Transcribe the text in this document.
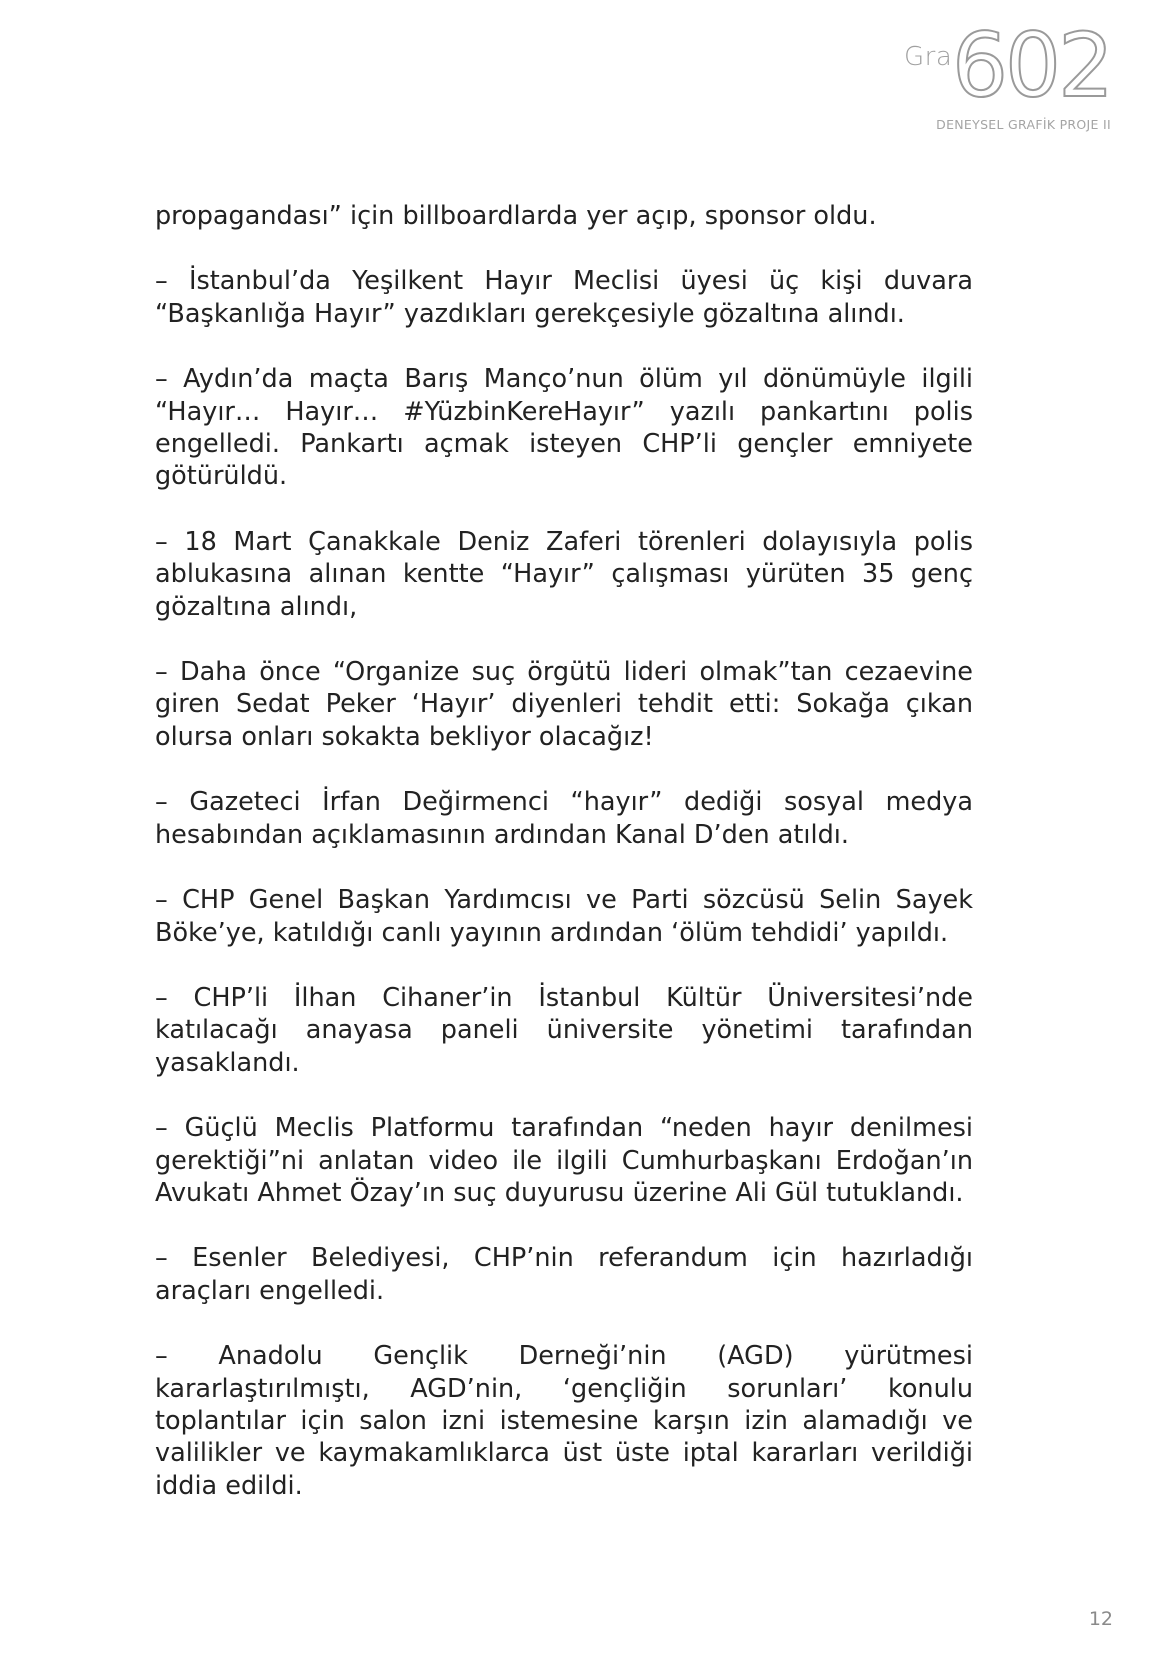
Gra 602
DENEYSEL GRAFİK PROJE II

propagandası” için billboardlarda yer açıp, sponsor oldu.

– İstanbul’da Yeşilkent Hayır Meclisi üyesi üç kişi duvara “Başkanlığa Hayır” yazdıkları gerekçesiyle gözaltına alındı.

– Aydın’da maçta Barış Manço’nun ölüm yıl dönümüyle ilgili “Hayır… Hayır… #YüzbinKereHayır” yazılı pankartını polis engelledi. Pankartı açmak isteyen CHP’li gençler emniyete götürüldü.

– 18 Mart Çanakkale Deniz Zaferi törenleri dolayısıyla polis ablukasına alınan kentte “Hayır” çalışması yürüten 35 genç gözaltına alındı,

– Daha önce “Organize suç örgütü lideri olmak”tan cezaevine giren Sedat Peker ‘Hayır’ diyenleri tehdit etti: Sokağa çıkan olursa onları sokakta bekliyor olacağız!

– Gazeteci İrfan Değirmenci “hayır” dediği sosyal medya hesabından açıklamasının ardından Kanal D’den atıldı.

– CHP Genel Başkan Yardımcısı ve Parti sözcüsü Selin Sayek Böke’ye, katıldığı canlı yayının ardından ‘ölüm tehdidi’ yapıldı.

– CHP’li İlhan Cihaner’in İstanbul Kültür Üniversitesi’nde katılacağı anayasa paneli üniversite yönetimi tarafından yasaklandı.

– Güçlü Meclis Platformu tarafından “neden hayır denilmesi gerektiği”ni anlatan video ile ilgili Cumhurbaşkanı Erdoğan’ın Avukatı Ahmet Özay’ın suç duyurusu üzerine Ali Gül tutuklandı.

– Esenler Belediyesi, CHP’nin referandum için hazırladığı araçları engelledi.

– Anadolu Gençlik Derneği’nin (AGD) yürütmesi kararlaştırılmıştı, AGD’nin, ‘gençliğin sorunları’ konulu toplantılar için salon izni istemesine karşın izin alamadığı ve valilikler ve kaymakamlıklarca üst üste iptal kararları verildiği iddia edildi.

12
